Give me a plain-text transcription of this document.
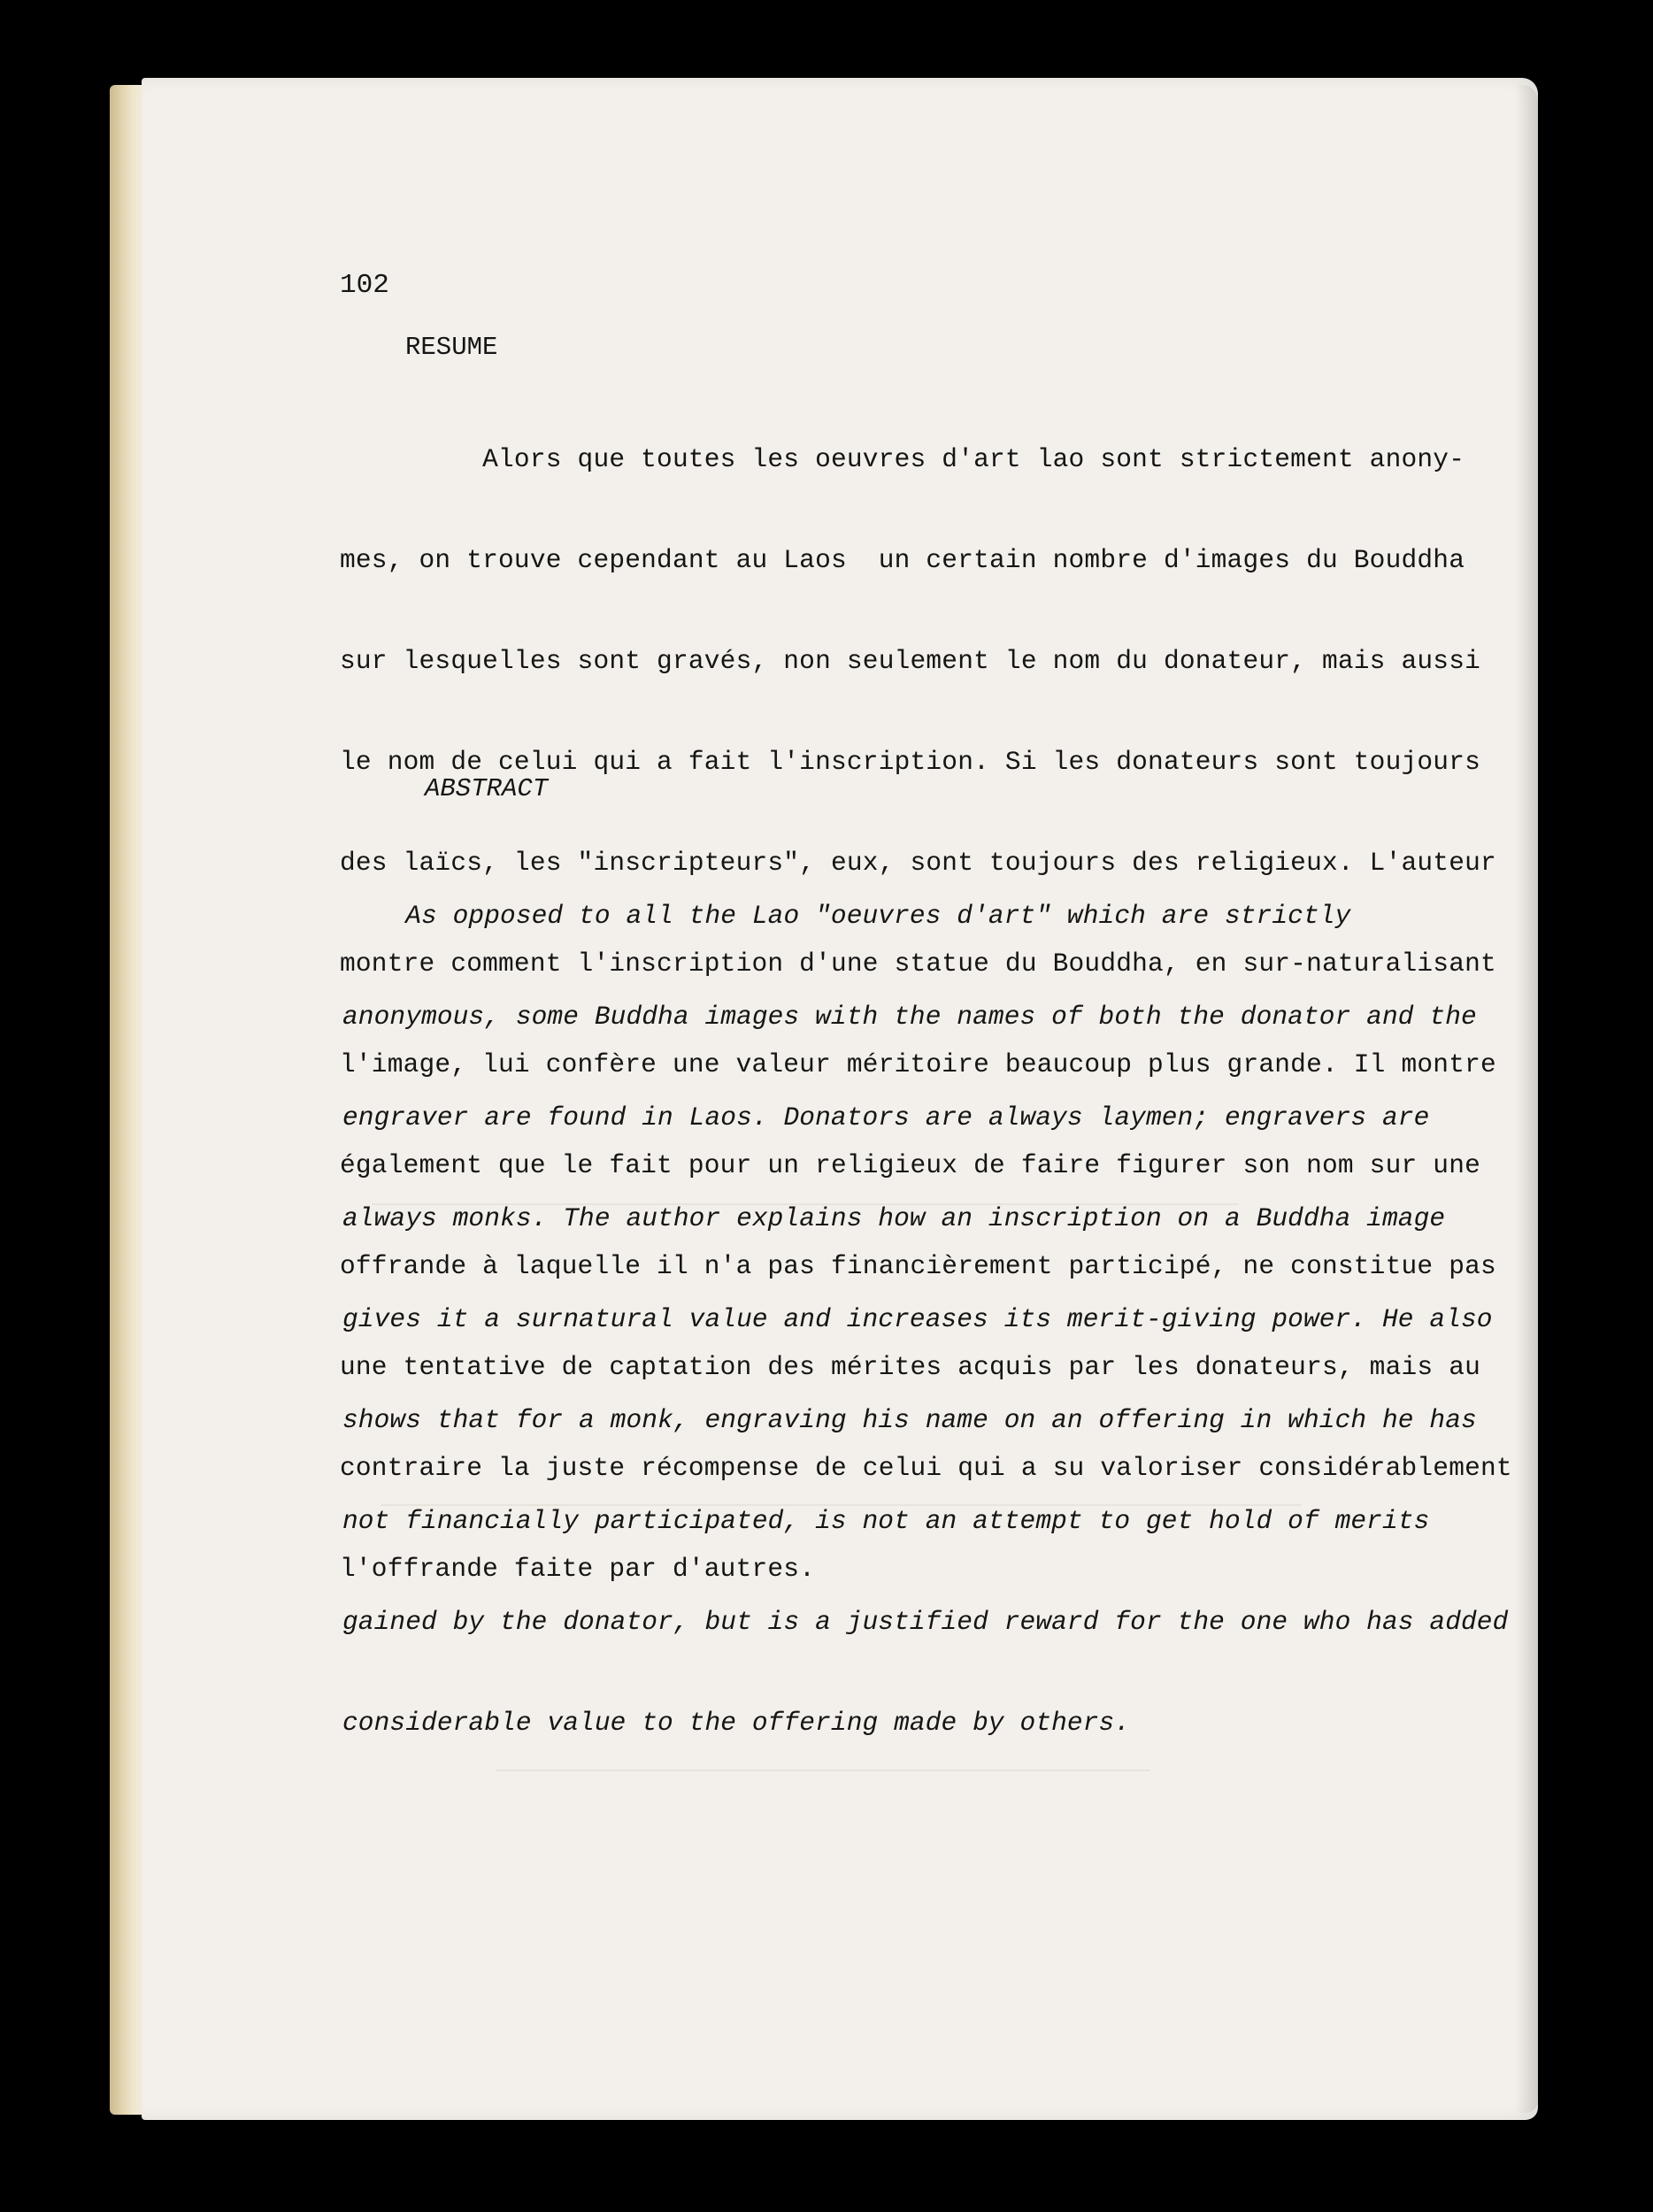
102
RESUME

Alors que toutes les oeuvres d'art lao sont strictement anony-

mes, on trouve cependant au Laos  un certain nombre d'images du Bouddha

sur lesquelles sont gravés, non seulement le nom du donateur, mais aussi

le nom de celui qui a fait l'inscription. Si les donateurs sont toujours

des laïcs, les "inscripteurs", eux, sont toujours des religieux. L'auteur

montre comment l'inscription d'une statue du Bouddha, en sur-naturalisant

l'image, lui confère une valeur méritoire beaucoup plus grande. Il montre

également que le fait pour un religieux de faire figurer son nom sur une

offrande à laquelle il n'a pas financièrement participé, ne constitue pas

une tentative de captation des mérites acquis par les donateurs, mais au

contraire la juste récompense de celui qui a su valoriser considérablement

l'offrande faite par d'autres.

ABSTRACT

As opposed to all the Lao "oeuvres d'art" which are strictly

anonymous, some Buddha images with the names of both the donator and the

engraver are found in Laos. Donators are always laymen; engravers are

always monks. The author explains how an inscription on a Buddha image

gives it a surnatural value and increases its merit-giving power. He also

shows that for a monk, engraving his name on an offering in which he has

not financially participated, is not an attempt to get hold of merits

gained by the donator, but is a justified reward for the one who has added

considerable value to the offering made by others.
